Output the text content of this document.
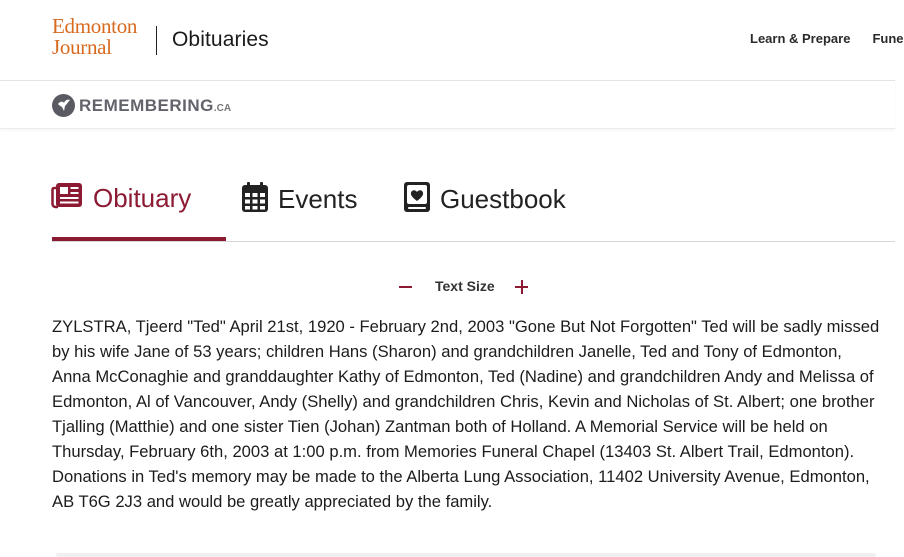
Edmonton
Journal	Obituaries	Learn & Prepare Fune
REMEMBERING .CA
Obituary	Events	Guestbook
Text Size

ZYLSTRA, Tjeerd "Ted" April 21st, 1920 - February 2nd, 2003 "Gone But Not Forgotten" Ted will be sadly missed by his wife Jane of 53 years; children Hans (Sharon) and grandchildren Janelle, Ted and Tony of Edmonton, Anna McConaghie and granddaughter Kathy of Edmonton, Ted (Nadine) and grandchildren Andy and Melissa of Edmonton, Al of Vancouver, Andy (Shelly) and grandchildren Chris, Kevin and Nicholas of St. Albert; one brother Tjalling (Matthie) and one sister Tien (Johan) Zantman both of Holland. A Memorial Service will be held on Thursday, February 6th, 2003 at 1:00 p.m. from Memories Funeral Chapel (13403 St. Albert Trail, Edmonton). Donations in Ted's memory may be made to the Alberta Lung Association, 11402 University Avenue, Edmonton, AB T6G 2J3 and would be greatly appreciated by the family.
